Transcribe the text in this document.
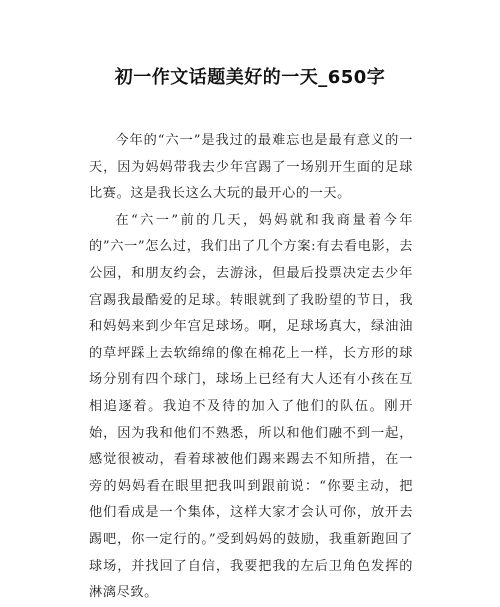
初一作文话题美好的一天_650字

今年的“六一”是我过的最难忘也是最有意义的一天，因为妈妈带我去少年宫踢了一场别开生面的足球比赛。这是我长这么大玩的最开心的一天。

在“六一”前的几天，妈妈就和我商量着今年的”六一”怎么过，我们出了几个方案:有去看电影，去公园，和朋友约会，去游泳，但最后投票决定去少年宫踢我最酷爱的足球。转眼就到了我盼望的节日，我和妈妈来到少年宫足球场。啊，足球场真大，绿油油的草坪踩上去软绵绵的像在棉花上一样，长方形的球场分别有四个球门，球场上已经有大人还有小孩在互相追逐着。我迫不及待的加入了他们的队伍。刚开始，因为我和他们不熟悉，所以和他们融不到一起，感觉很被动，看着球被他们踢来踢去不知所措，在一旁的妈妈看在眼里把我叫到跟前说：“你要主动，把他们看成是一个集体，这样大家才会认可你，放开去踢吧，你一定行的。”受到妈妈的鼓励，我重新跑回了球场，并找回了自信，我要把我的左后卫角色发挥的淋漓尽致。
